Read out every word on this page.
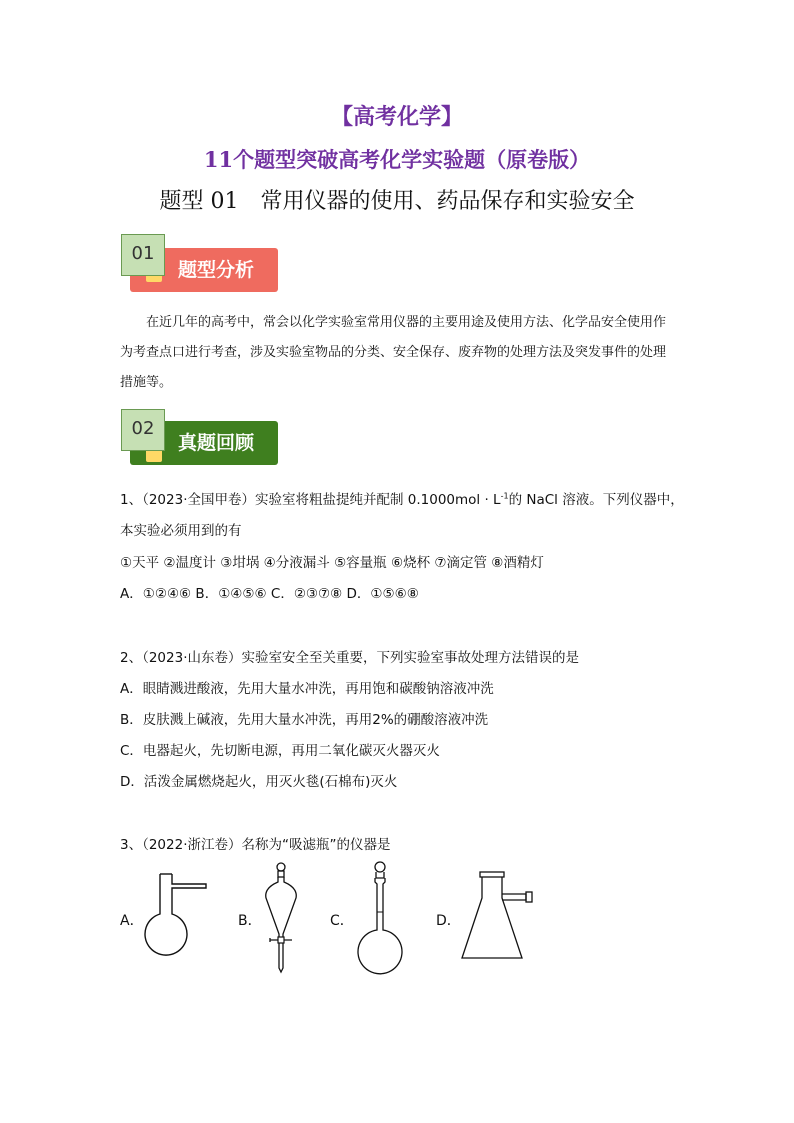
【高考化学】
11个题型突破高考化学实验题（原卷版）
题型 01　常用仪器的使用、药品保存和实验安全
01
题型分析
在近几年的高考中，常会以化学实验室常用仪器的主要用途及使用方法、化学品安全使用作为考查点口进行考查，涉及实验室物品的分类、安全保存、废弃物的处理方法及突发事件的处理措施等。
02
真题回顾
1、（2023·全国甲卷）实验室将粗盐提纯并配制 $0.1000mol \cdot L^{-1}$的 NaCl 溶液。下列仪器中，
本实验必须用到的有
①天平 ②温度计 ③坩埚 ④分液漏斗 ⑤容量瓶 ⑥烧杯 ⑦滴定管 ⑧酒精灯
A．①②④⑥ B．①④⑤⑥ C．②③⑦⑧ D．①⑤⑥⑧
2、（2023·山东卷）实验室安全至关重要，下列实验室事故处理方法错误的是
A．眼睛溅进酸液，先用大量水冲洗，再用饱和碳酸钠溶液冲洗
B．皮肤溅上碱液，先用大量水冲洗，再用2%的硼酸溶液冲洗
C．电器起火，先切断电源，再用二氧化碳灭火器灭火
D．活泼金属燃烧起火，用灭火毯(石棉布)灭火
3、（2022·浙江卷）名称为“吸滤瓶”的仪器是
A．	B．	C．	D．
